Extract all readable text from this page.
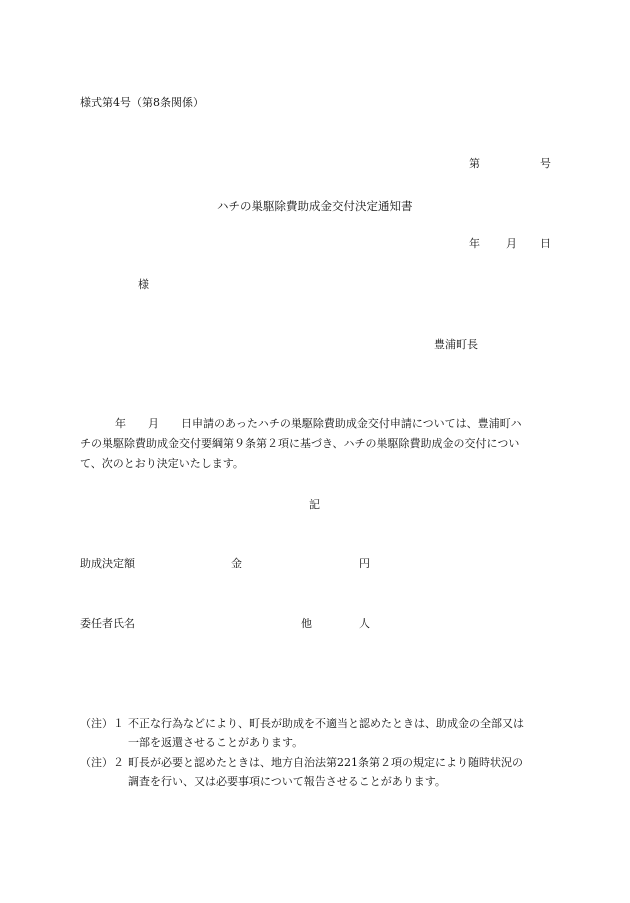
様式第4号（第8条関係）
第	号
ハチの巣駆除費助成金交付決定通知書
年 月 日
様
豊浦町長
年　　月　　日申請のあったハチの巣駆除費助成金交付申請については、豊浦町ハ
チの巣駆除費助成金交付要綱第９条第２項に基づき、ハチの巣駆除費助成金の交付につい
て、次のとおり決定いたします。
記
助成決定額	金	円
委任者氏名	他	人
（注）１ 不正な行為などにより、町長が助成を不適当と認めたときは、助成金の全部又は
一部を返還させることがあります。
（注）２ 町長が必要と認めたときは、地方自治法第221条第２項の規定により随時状況の
調査を行い、又は必要事項について報告させることがあります。
